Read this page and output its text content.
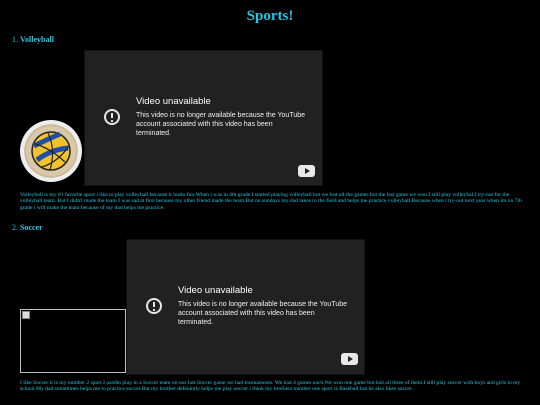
Sports!
1. Volleyball
Video unavailable
This video is no longer available because the YouTube account associated with this video has been terminated.
Volleyball is my #1 favorite sport i like to play volleyball because it looks fun.When i was in 4th grade I started playing volleyball but we lost all the games but the last game we won.I still play volleybal.I try-out for the volleyball team. But I didn't made the team I was sad at first because my other friend made the team.But on sundays my dad takes to the field and helps me practice volleyball.Because when i try-out next year when im on 7th grade i will make the team because of my dad helps me practice.
2. Soccer
Video unavailable
This video is no longer available because the YouTube account associated with this video has been terminated.
I like Soccer it is my number 2 sport.I usedto play in a Soccer team on our last Soccer game we had tournaments. We had 4 games each.We won one game but lost all three of them.I still play soccer with boys and girls in my school.My dad sometimes helps me to practice soccer.But my brother defenintly helps me play soccer i think my brothers number one sport is Baseball but he also likes soccer.
